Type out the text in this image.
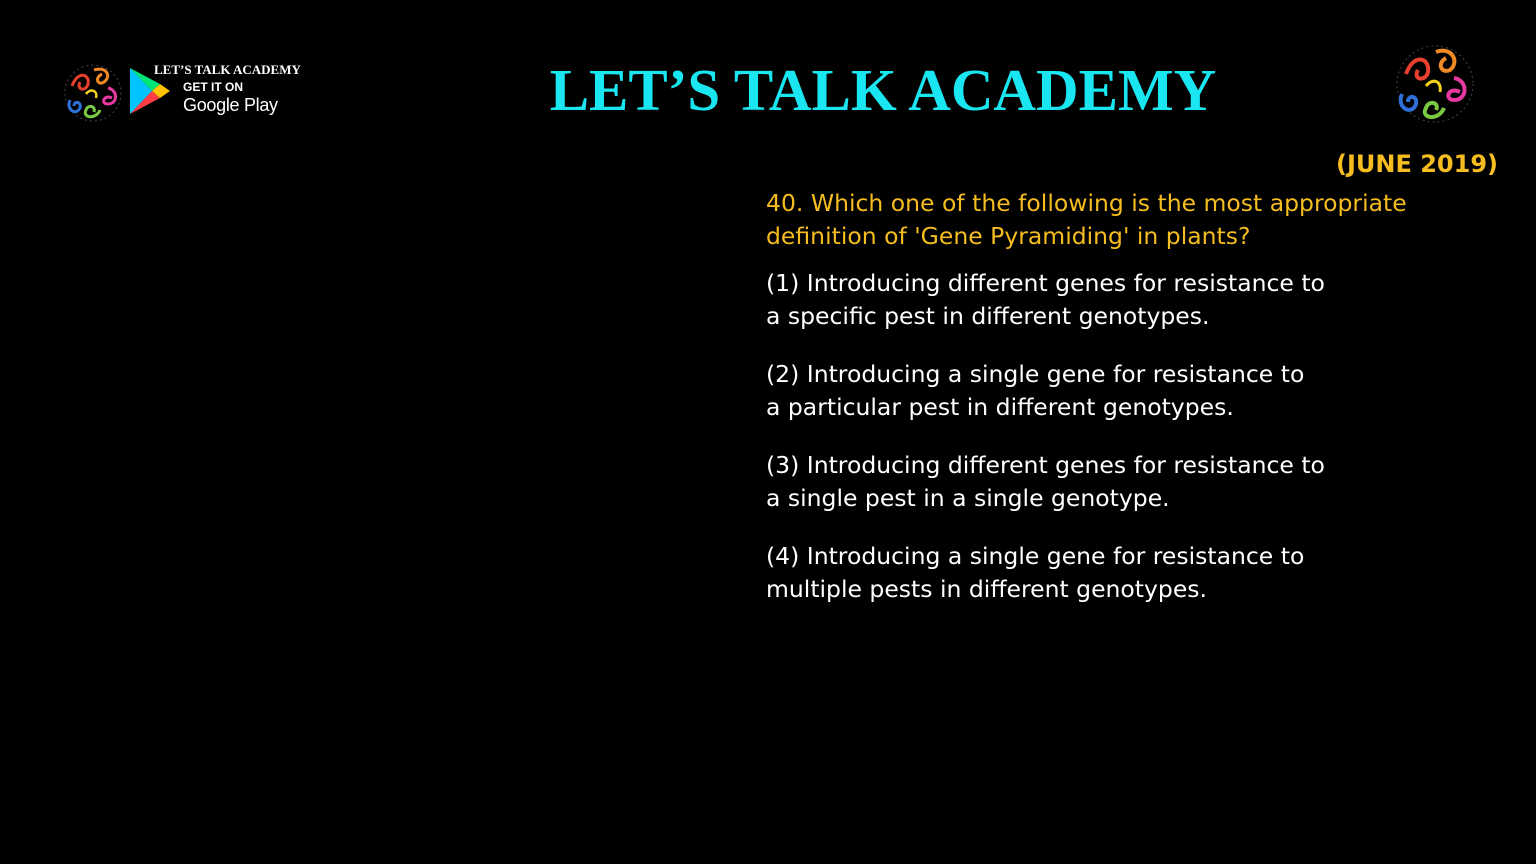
LET’S TALK ACADEMY
GET IT ON
Google Play	LET’S TALK ACADEMY
(JUNE 2019)
40. Which one of the following is the most appropriate
definition of 'Gene Pyramiding' in plants?
(1) Introducing different genes for resistance to
a specific pest in different genotypes.
(2) Introducing a single gene for resistance to
a particular pest in different genotypes.
(3) Introducing different genes for resistance to
a single pest in a single genotype.
(4) Introducing a single gene for resistance to
multiple pests in different genotypes.
